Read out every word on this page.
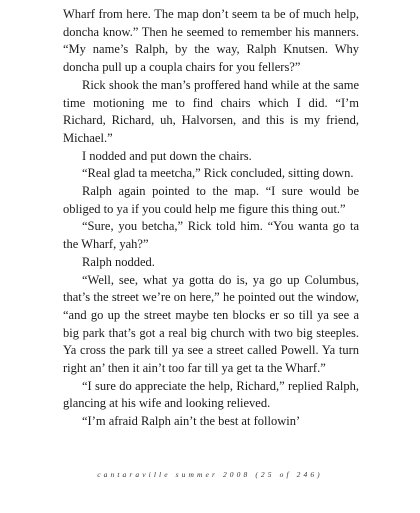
Wharf from here. The map don’t seem ta be of much help, doncha know.” Then he seemed to remember his manners. “My name’s Ralph, by the way, Ralph Knutsen. Why doncha pull up a coupla chairs for you fellers?”

Rick shook the man’s proffered hand while at the same time motioning me to find chairs which I did. “I’m Richard, Richard, uh, Halvorsen, and this is my friend, Michael.”

I nodded and put down the chairs.

“Real glad ta meetcha,” Rick concluded, sitting down.

Ralph again pointed to the map. “I sure would be obliged to ya if you could help me figure this thing out.”

“Sure, you betcha,” Rick told him. “You wanta go ta the Wharf, yah?”

Ralph nodded.

“Well, see, what ya gotta do is, ya go up Columbus, that’s the street we’re on here,” he pointed out the window, “and go up the street maybe ten blocks er so till ya see a big park that’s got a real big church with two big steeples. Ya cross the park till ya see a street called Powell. Ya turn right an’ then it ain’t too far till ya get ta the Wharf.”

“I sure do appreciate the help, Richard,” replied Ralph, glancing at his wife and looking relieved.

“I’m afraid Ralph ain’t the best at followin’

cantaraville summer 2008 (25 of 246)
